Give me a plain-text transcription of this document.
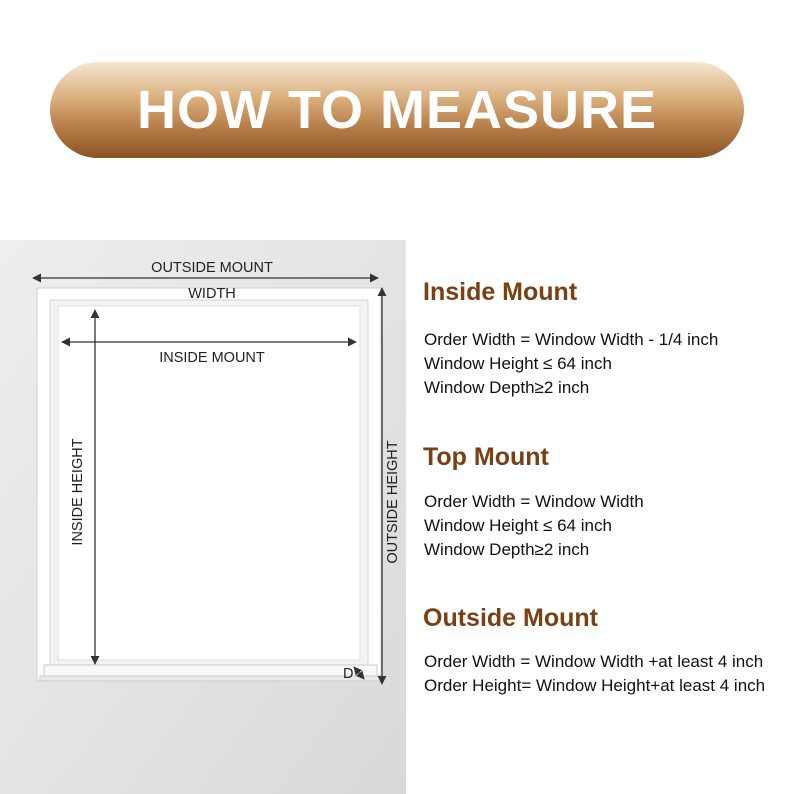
HOW TO MEASURE
OUTSIDE MOUNT
WIDTH
INSIDE MOUNT
INSIDE HEIGHT	OUTSIDE HEIGHT
D
Inside Mount
Order Width = Window Width - 1/4 inch
Window Height ≤ 64 inch
Window Depth≥2 inch
Top Mount
Order Width = Window Width
Window Height ≤ 64 inch
Window Depth≥2 inch
Outside Mount
Order Width = Window Width +at least 4 inch
Order Height= Window Height+at least 4 inch
